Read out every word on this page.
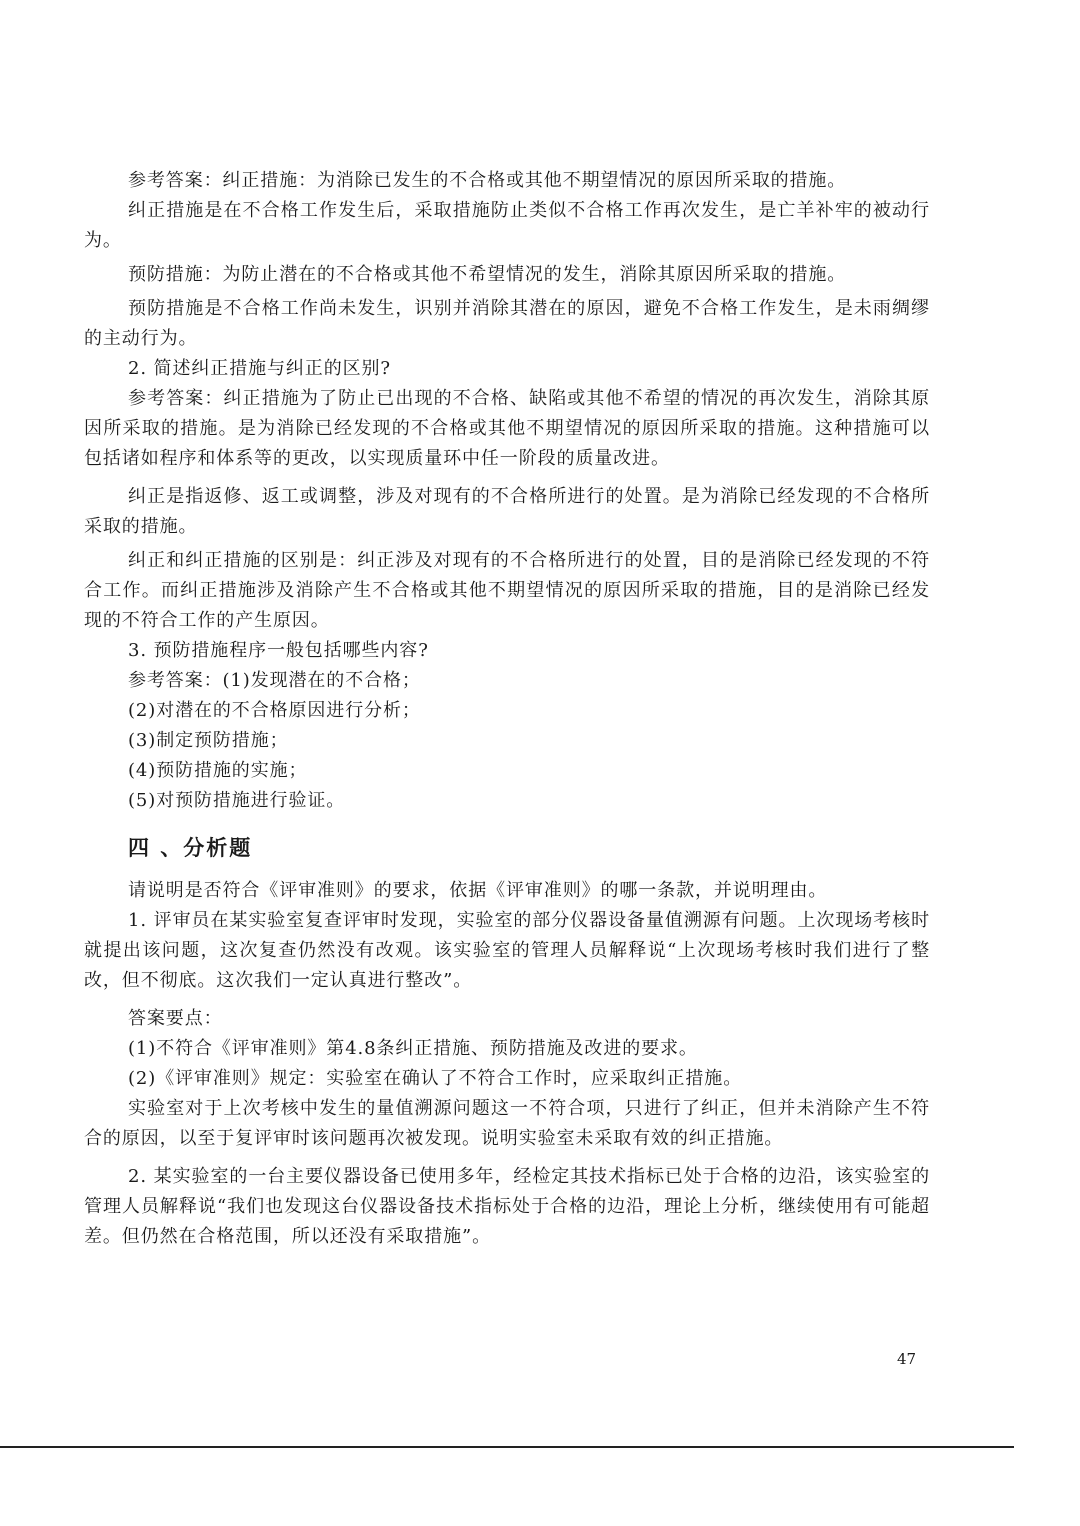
参考答案：纠正措施：为消除已发生的不合格或其他不期望情况的原因所采取的措施。

纠正措施是在不合格工作发生后，采取措施防止类似不合格工作再次发生，是亡羊补牢的被动行为。

预防措施：为防止潜在的不合格或其他不希望情况的发生，消除其原因所采取的措施。

预防措施是不合格工作尚未发生，识别并消除其潜在的原因，避免不合格工作发生，是未雨绸缪的主动行为。

2. 简述纠正措施与纠正的区别?

参考答案：纠正措施为了防止已出现的不合格、缺陷或其他不希望的情况的再次发生，消除其原因所采取的措施。是为消除已经发现的不合格或其他不期望情况的原因所采取的措施。这种措施可以包括诸如程序和体系等的更改，以实现质量环中任一阶段的质量改进。

纠正是指返修、返工或调整，涉及对现有的不合格所进行的处置。是为消除已经发现的不合格所采取的措施。

纠正和纠正措施的区别是：纠正涉及对现有的不合格所进行的处置，目的是消除已经发现的不符合工作。而纠正措施涉及消除产生不合格或其他不期望情况的原因所采取的措施，目的是消除已经发现的不符合工作的产生原因。

3. 预防措施程序一般包括哪些内容?

参考答案：(1)发现潜在的不合格；

(2)对潜在的不合格原因进行分析；

(3)制定预防措施；

(4)预防措施的实施；

(5)对预防措施进行验证。

四 、分析题

请说明是否符合《评审准则》的要求，依据《评审准则》的哪一条款，并说明理由。

1. 评审员在某实验室复查评审时发现，实验室的部分仪器设备量值溯源有问题。上次现场考核时就提出该问题，这次复查仍然没有改观。该实验室的管理人员解释说“上次现场考核时我们进行了整改，但不彻底。这次我们一定认真进行整改”。

答案要点：

(1)不符合《评审准则》第4.8条纠正措施、预防措施及改进的要求。

(2)《评审准则》规定：实验室在确认了不符合工作时，应采取纠正措施。

实验室对于上次考核中发生的量值溯源问题这一不符合项，只进行了纠正，但并未消除产生不符合的原因，以至于复评审时该问题再次被发现。说明实验室未采取有效的纠正措施。

2. 某实验室的一台主要仪器设备已使用多年，经检定其技术指标已处于合格的边沿，该实验室的管理人员解释说“我们也发现这台仪器设备技术指标处于合格的边沿，理论上分析，继续使用有可能超差。但仍然在合格范围，所以还没有采取措施”。

47
